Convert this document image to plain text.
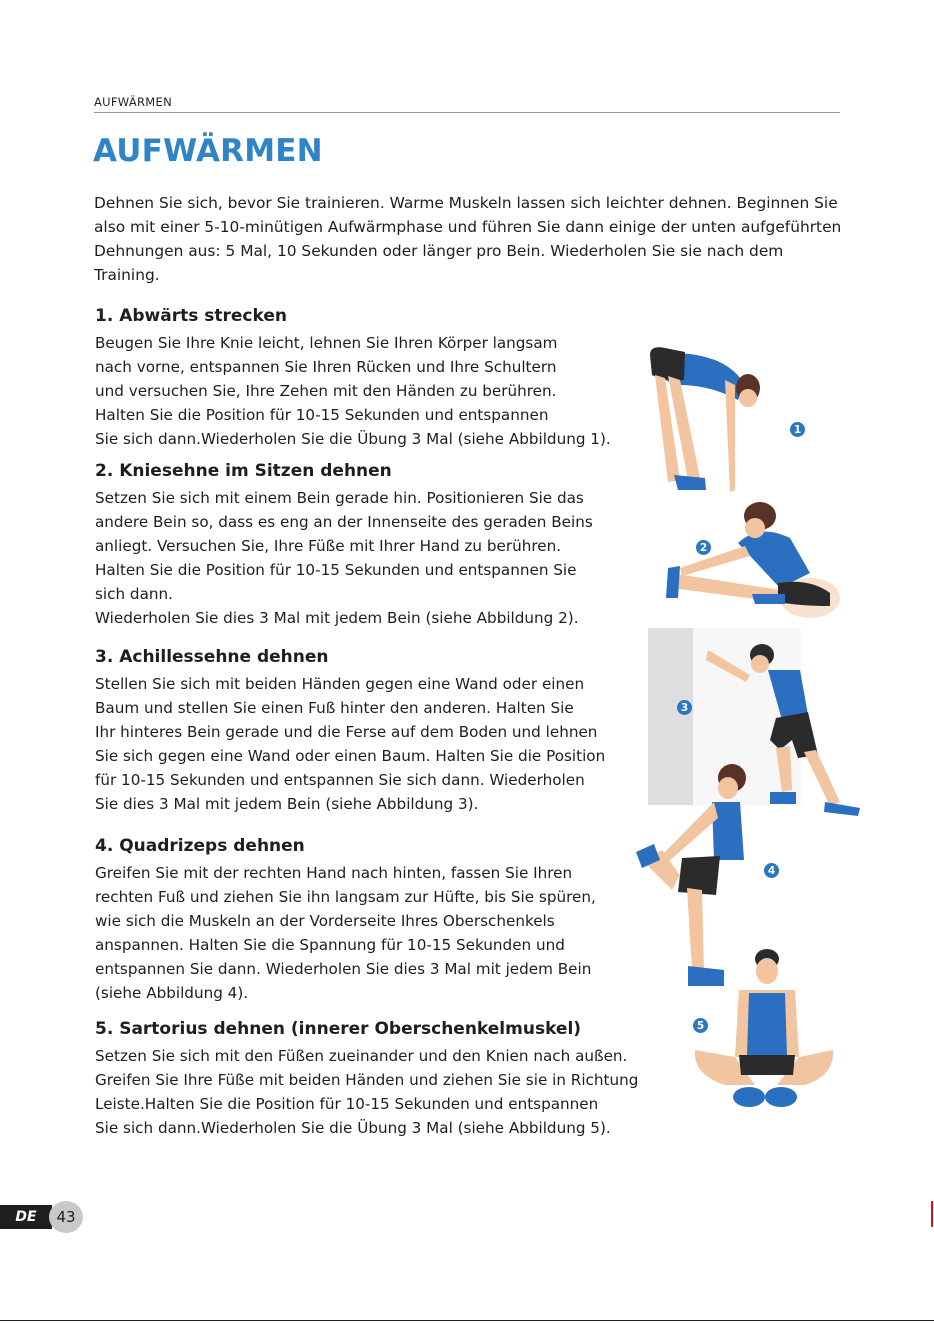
AUFWÄRMEN
AUFWÄRMEN

Dehnen Sie sich, bevor Sie trainieren. Warme Muskeln lassen sich leichter dehnen. Beginnen Sie also mit einer 5-10-minütigen Aufwärmphase und führen Sie dann einige der unten aufgeführten Dehnungen aus: 5 Mal, 10 Sekunden oder länger pro Bein. Wiederholen Sie sie nach dem Training.

1. Abwärts strecken

Beugen Sie Ihre Knie leicht, lehnen Sie Ihren Körper langsam
nach vorne, entspannen Sie Ihren Rücken und Ihre Schultern
und versuchen Sie, Ihre Zehen mit den Händen zu berühren.
Halten Sie die Position für 10-15 Sekunden und entspannen
Sie sich dann.Wiederholen Sie die Übung 3 Mal (siehe Abbildung 1).

2. Kniesehne im Sitzen dehnen

Setzen Sie sich mit einem Bein gerade hin. Positionieren Sie das
andere Bein so, dass es eng an der Innenseite des geraden Beins
anliegt. Versuchen Sie, Ihre Füße mit Ihrer Hand zu berühren.
Halten Sie die Position für 10-15 Sekunden und entspannen Sie
sich dann.
Wiederholen Sie dies 3 Mal mit jedem Bein (siehe Abbildung 2).

3. Achillessehne dehnen

Stellen Sie sich mit beiden Händen gegen eine Wand oder einen
Baum und stellen Sie einen Fuß hinter den anderen. Halten Sie
Ihr hinteres Bein gerade und die Ferse auf dem Boden und lehnen
Sie sich gegen eine Wand oder einen Baum. Halten Sie die Position
für 10-15 Sekunden und entspannen Sie sich dann. Wiederholen
Sie dies 3 Mal mit jedem Bein (siehe Abbildung 3).

4. Quadrizeps dehnen

Greifen Sie mit der rechten Hand nach hinten, fassen Sie Ihren
rechten Fuß und ziehen Sie ihn langsam zur Hüfte, bis Sie spüren,
wie sich die Muskeln an der Vorderseite Ihres Oberschenkels
anspannen. Halten Sie die Spannung für 10-15 Sekunden und
entspannen Sie dann. Wiederholen Sie dies 3 Mal mit jedem Bein
(siehe Abbildung 4).

5. Sartorius dehnen (innerer Oberschenkelmuskel)

Setzen Sie sich mit den Füßen zueinander und den Knien nach außen.
Greifen Sie Ihre Füße mit beiden Händen und ziehen Sie sie in Richtung
Leiste.Halten Sie die Position für 10-15 Sekunden und entspannen
Sie sich dann.Wiederholen Sie die Übung 3 Mal (siehe Abbildung 5).

1
2
3
4
5
DE	43
